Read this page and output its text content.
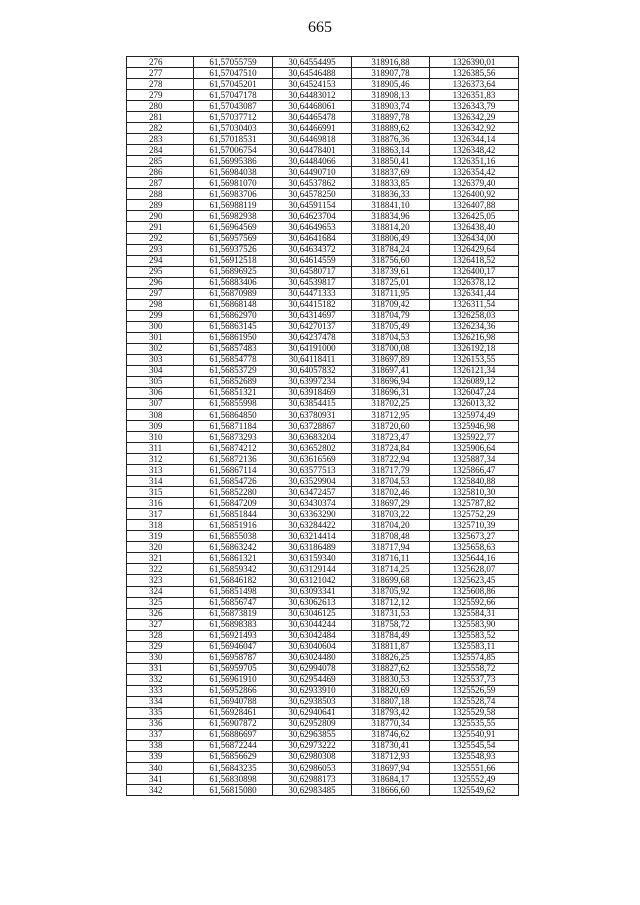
665
276	61,57055759	30,64554495	318916,88	1326390,01
277	61,57047510	30,64546488	318907,78	1326385,56
278	61,57045201	30,64524153	318905,46	1326373,64
279	61,57047178	30,64483012	318908,13	1326351,83
280	61,57043087	30,64468061	318903,74	1326343,79
281	61,57037712	30,64465478	318897,78	1326342,29
282	61,57030403	30,64466991	318889,62	1326342,92
283	61,57018531	30,64469818	318876,36	1326344,14
284	61,57006754	30,64478401	318863,14	1326348,42
285	61,56995386	30,64484066	318850,41	1326351,16
286	61,56984038	30,64490710	318837,69	1326354,42
287	61,56981070	30,64537862	318833,85	1326379,40
288	61,56983706	30,64578250	318836,33	1326400,92
289	61,56988119	30,64591154	318841,10	1326407,88
290	61,56982938	30,64623704	318834,96	1326425,05
291	61,56964569	30,64649653	318814,20	1326438,40
292	61,56957569	30,64641684	318806,49	1326434,00
293	61,56937526	30,64634372	318784,24	1326429,64
294	61,56912518	30,64614559	318756,60	1326418,52
295	61,56896925	30,64580717	318739,61	1326400,17
296	61,56883406	30,64539817	318725,01	1326378,12
297	61,56870989	30,64471333	318711,95	1326341,44
298	61,56868148	30,64415182	318709,42	1326311,54
299	61,56862970	30,64314697	318704,79	1326258,03
300	61,56863145	30,64270137	318705,49	1326234,36
301	61,56861950	30,64237478	318704,53	1326216,98
302	61,56857483	30,64191000	318700,08	1326192,18
303	61,56854778	30,64118411	318697,89	1326153,55
304	61,56853729	30,64057832	318697,41	1326121,34
305	61,56852689	30,63997234	318696,94	1326089,12
306	61,56851321	30,63918469	318696,31	1326047,24
307	61,56855998	30,63854415	318702,25	1326013,32
308	61,56864850	30,63780931	318712,95	1325974,49
309	61,56871184	30,63728867	318720,60	1325946,98
310	61,56873293	30,63683204	318723,47	1325922,77
311	61,56874212	30,63652802	318724,84	1325906,64
312	61,56872136	30,63616569	318722,94	1325887,34
313	61,56867114	30,63577513	318717,79	1325866,47
314	61,56854726	30,63529904	318704,53	1325840,88
315	61,56852280	30,63472457	318702,46	1325810,30
316	61,56847209	30,63430374	318697,29	1325787,82
317	61,56851844	30,63363290	318703,22	1325752,29
318	61,56851916	30,63284422	318704,20	1325710,39
319	61,56855038	30,63214414	318708,48	1325673,27
320	61,56863242	30,63186489	318717,94	1325658,63
321	61,56861321	30,63159340	318716,11	1325644,16
322	61,56859342	30,63129144	318714,25	1325628,07
323	61,56846182	30,63121042	318699,68	1325623,45
324	61,56851498	30,63093341	318705,92	1325608,86
325	61,56856747	30,63062613	318712,12	1325592,66
326	61,56873819	30,63046125	318731,53	1325584,31
327	61,56898383	30,63044244	318758,72	1325583,90
328	61,56921493	30,63042484	318784,49	1325583,52
329	61,56946047	30,63040604	318811,87	1325583,11
330	61,56958787	30,63024480	318826,25	1325574,85
331	61,56959705	30,62994078	318827,62	1325558,72
332	61,56961910	30,62954469	318830,53	1325537,73
333	61,56952866	30,62933910	318820,69	1325526,59
334	61,56940788	30,62938503	318807,18	1325528,74
335	61,56928461	30,62940641	318793,42	1325529,58
336	61,56907872	30,62952809	318770,34	1325535,55
337	61,56886697	30,62963855	318746,62	1325540,91
338	61,56872244	30,62973222	318730,41	1325545,54
339	61,56856629	30,62980308	318712,93	1325548,93
340	61,56843235	30,62986053	318697,94	1325551,66
341	61,56830898	30,62988173	318684,17	1325552,49
342	61,56815080	30,62983485	318666,60	1325549,62
